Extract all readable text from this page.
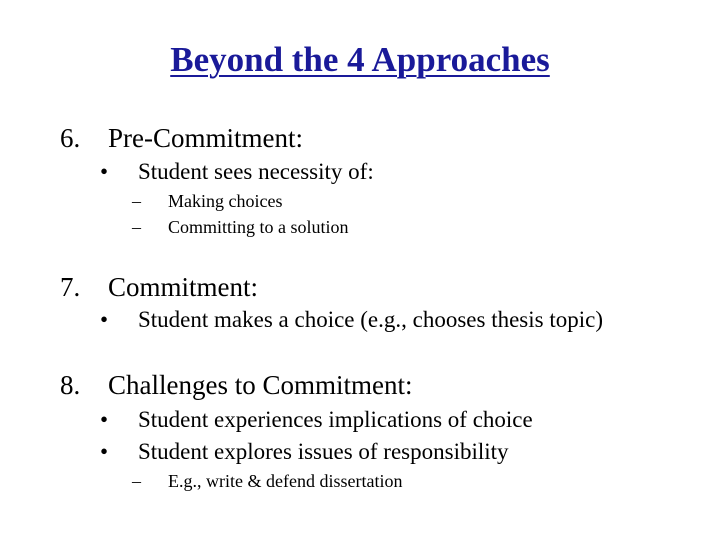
Beyond the 4 Approaches
6. Pre-Commitment:
• Student sees necessity of:
– Making choices
– Committing to a solution
7. Commitment:
• Student makes a choice (e.g., chooses thesis topic)
8. Challenges to Commitment:
• Student experiences implications of choice
• Student explores issues of responsibility
– E.g., write & defend dissertation
